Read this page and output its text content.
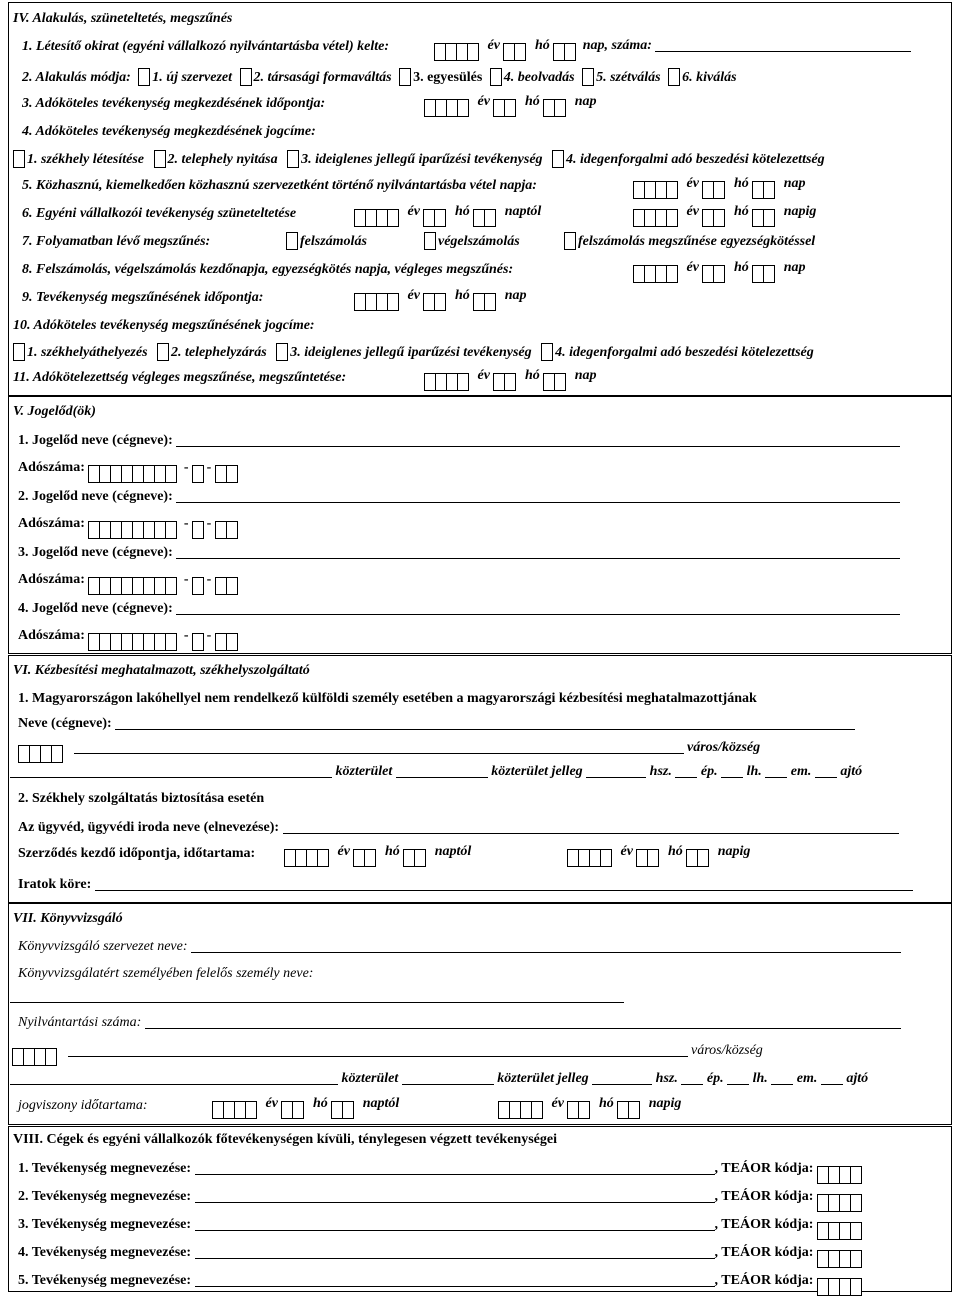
IV. Alakulás, szüneteltetés, megszűnés
1. Létesítő okirat (egyéni vállalkozó nyilvántartásba vétel) kelte:	év	hó nap, száma:
2. Alakulás módja: 1. új szervezet 2. társasági formaváltás 3. egyesülés 4. beolvadás 5. szétválás 6. kiválás
3. Adóköteles tevékenység megkezdésének időpontja:	év	hó	nap
4. Adóköteles tevékenység megkezdésének jogcíme:
1. székhely létesítése 2. telephely nyitása 3. ideiglenes jellegű iparűzési tevékenység 4. idegenforgalmi adó beszedési kötelezettség
5. Közhasznú, kiemelkedően közhasznú szervezetként történő nyilvántartásba vétel napja:	év	hó	nap
6. Egyéni vállalkozói tevékenység szüneteltetése	év	hó	naptól	év	hó	napig
7. Folyamatban lévő megszűnés:	felszámolás	végelszámolás	felszámolás megszűnése egyezségkötéssel
8. Felszámolás, végelszámolás kezdőnapja, egyezségkötés napja, végleges megszűnés:	év	hó	nap
9. Tevékenység megszűnésének időpontja:	év	hó	nap
10. Adóköteles tevékenység megszűnésének jogcíme:
1. székhelyáthelyezés 2. telephelyzárás 3. ideiglenes jellegű iparűzési tevékenység 4. idegenforgalmi adó beszedési kötelezettség
11. Adókötelezettség végleges megszűnése, megszűntetése:	év	hó	nap
V. Jogelőd(ök)
1. Jogelőd neve (cégneve):
Adószáma:	- -
2. Jogelőd neve (cégneve):
Adószáma:	- -
3. Jogelőd neve (cégneve):
Adószáma:	- -
4. Jogelőd neve (cégneve):
Adószáma:	- -
VI. Kézbesítési meghatalmazott, székhelyszolgáltató
1. Magyarországon lakóhellyel nem rendelkező külföldi személy esetében a magyarországi kézbesítési meghatalmazottjának
Neve (cégneve):
város/község
közterület	közterület jelleg	hsz. ép. lh. em. ajtó
2. Székhely szolgáltatás biztosítása esetén
Az ügyvéd, ügyvédi iroda neve (elnevezése):
Szerződés kezdő időpontja, időtartama:	év	hó	naptól	év	hó	napig
Iratok köre:
VII. Könyvvizsgáló
Könyvvizsgáló szervezet neve:
Könyvvizsgálatért személyében felelős személy neve:
Nyilvántartási száma:
város/község
közterület	közterület jelleg	hsz. ép. lh. em. ajtó
jogviszony időtartama:	év	hó	naptól	év	hó	napig
VIII. Cégek és egyéni vállalkozók főtevékenységen kívüli, ténylegesen végzett tevékenységei
1. Tevékenység megnevezése:	, TEÁOR kódja:
2. Tevékenység megnevezése:	, TEÁOR kódja:
3. Tevékenység megnevezése:	, TEÁOR kódja:
4. Tevékenység megnevezése:	, TEÁOR kódja:
5. Tevékenység megnevezése:	, TEÁOR kódja:
